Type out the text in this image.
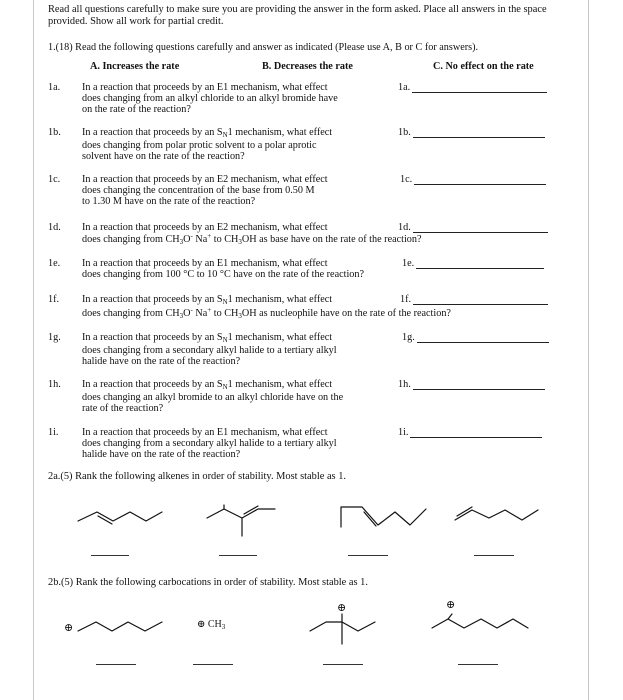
Read all questions carefully to make sure you are providing the answer in the form asked. Place all answers in the space provided. Show all work for partial credit.
1.(18) Read the following questions carefully and answer as indicated (Please use A, B or C for answers).
A. Increases the rate	B. Decreases the rate	C. No effect on the rate
1a. In a reaction that proceeds by an E1 mechanism, what effect
does changing from an alkyl chloride to an alkyl bromide have
on the rate of the reaction?
1a.
1b. In a reaction that proceeds by an $S_N1$ mechanism, what effect
does changing from polar protic solvent to a polar aprotic
solvent have on the rate of the reaction?
1b.
1c. In a reaction that proceeds by an E2 mechanism, what effect
does changing the concentration of the base from 0.50 M
to 1.30 M have on the rate of the reaction?
1c.
1d. In a reaction that proceeds by an E2 mechanism, what effect
does changing from $CH_3O^-$ Na+ to $CH_3OH$ as base have on the rate of the reaction?
1d.
1e. In a reaction that proceeds by an E1 mechanism, what effect
does changing from 100 °C to 10 °C have on the rate of the reaction?
1e.
1f. In a reaction that proceeds by an $S_N1$ mechanism, what effect
does changing from $CH_3O^-$ Na+ to $CH_3OH$ as nucleophile have on the rate of the reaction?
1f.
1g. In a reaction that proceeds by an $S_N1$ mechanism, what effect
does changing from a secondary alkyl halide to a tertiary alkyl
halide have on the rate of the reaction?
1g.
1h. In a reaction that proceeds by an $S_N1$ mechanism, what effect
does changing an alkyl bromide to an alkyl chloride have on the
rate of the reaction?
1h.
1i. In a reaction that proceeds by an E1 mechanism, what effect
does changing from a secondary alkyl halide to a tertiary alkyl
halide have on the rate of the reaction?
1i.
2a.(5) Rank the following alkenes in order of stability. Most stable as 1.
2b.(5) Rank the following carbocations in order of stability. Most stable as 1.
⊕	⊕ $CH_3$
⊕	⊕
